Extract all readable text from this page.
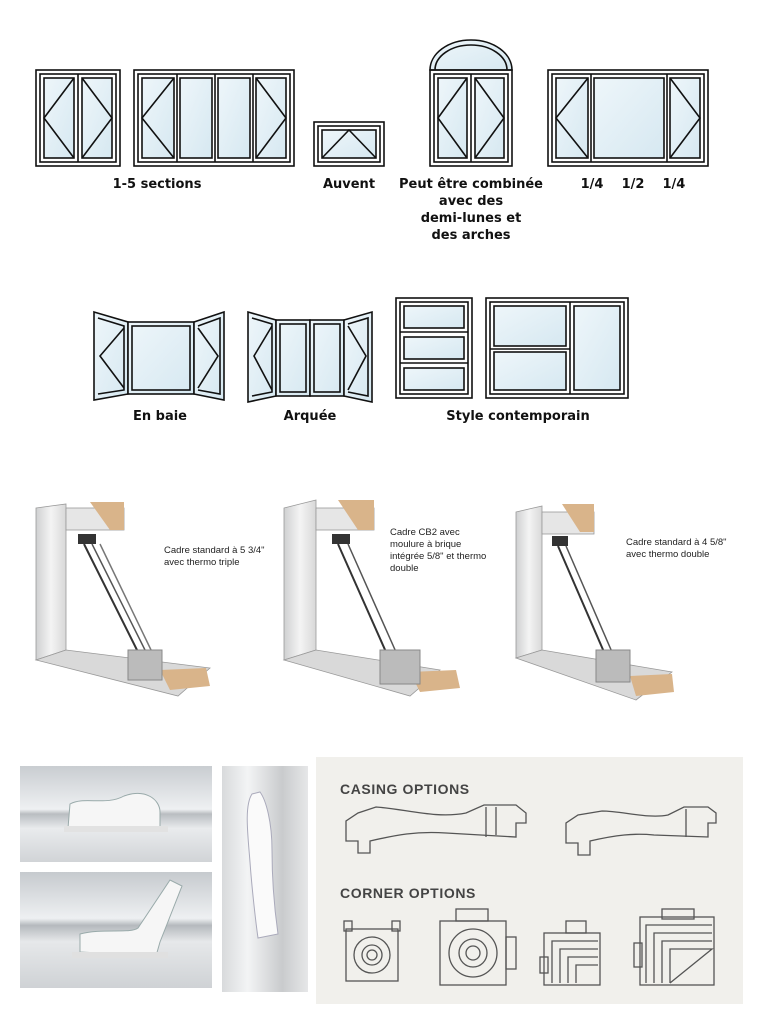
1-5 sections	Auvent	Peut être combinée
avec des
demi-lunes et
des arches
1/4    1/2    1/4
En baie	Arquée	Style contemporain
Cadre standard à 5 3/4"
avec thermo triple
Cadre CB2 avec
moulure à brique
intégrée 5/8" et thermo
double
Cadre standard à 4 5/8"
avec thermo double
CASING OPTIONS
CORNER OPTIONS
